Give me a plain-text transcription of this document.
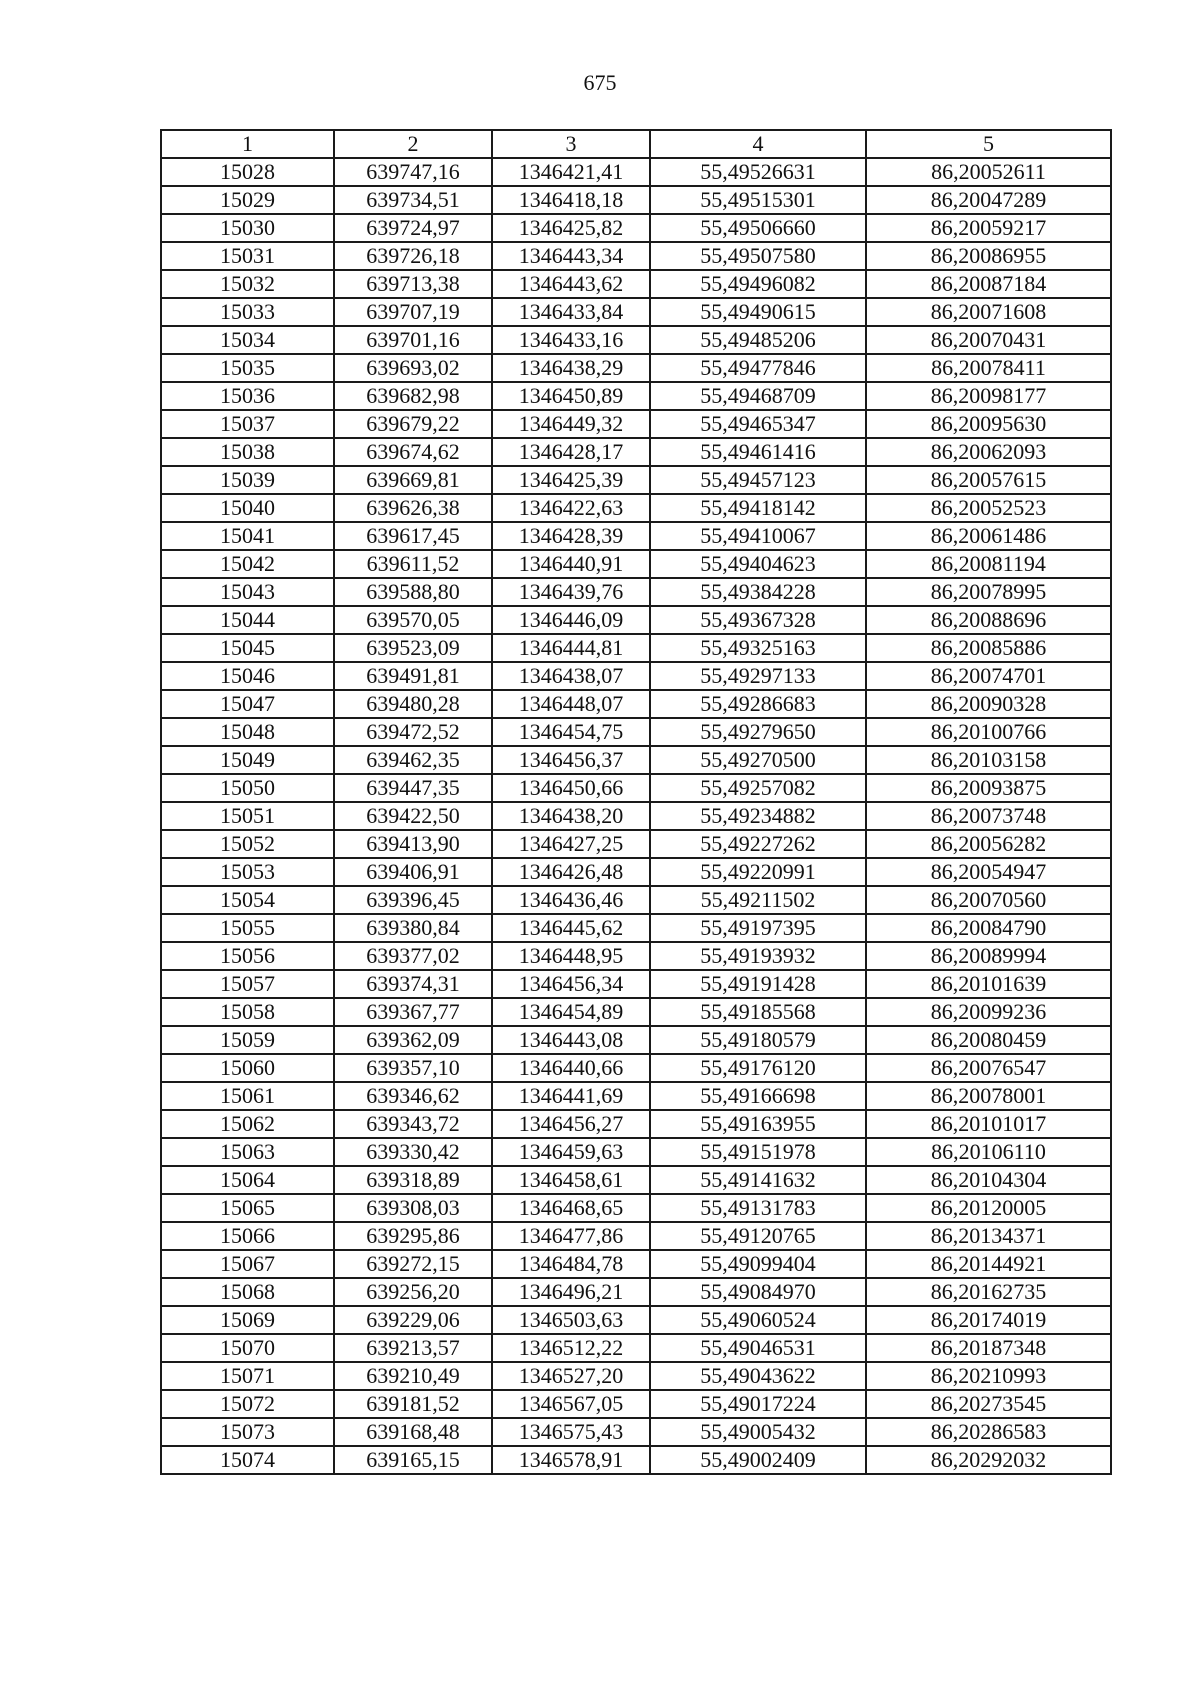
675
1	2	3	4	5
15028	639747,16	1346421,41	55,49526631	86,20052611
15029	639734,51	1346418,18	55,49515301	86,20047289
15030	639724,97	1346425,82	55,49506660	86,20059217
15031	639726,18	1346443,34	55,49507580	86,20086955
15032	639713,38	1346443,62	55,49496082	86,20087184
15033	639707,19	1346433,84	55,49490615	86,20071608
15034	639701,16	1346433,16	55,49485206	86,20070431
15035	639693,02	1346438,29	55,49477846	86,20078411
15036	639682,98	1346450,89	55,49468709	86,20098177
15037	639679,22	1346449,32	55,49465347	86,20095630
15038	639674,62	1346428,17	55,49461416	86,20062093
15039	639669,81	1346425,39	55,49457123	86,20057615
15040	639626,38	1346422,63	55,49418142	86,20052523
15041	639617,45	1346428,39	55,49410067	86,20061486
15042	639611,52	1346440,91	55,49404623	86,20081194
15043	639588,80	1346439,76	55,49384228	86,20078995
15044	639570,05	1346446,09	55,49367328	86,20088696
15045	639523,09	1346444,81	55,49325163	86,20085886
15046	639491,81	1346438,07	55,49297133	86,20074701
15047	639480,28	1346448,07	55,49286683	86,20090328
15048	639472,52	1346454,75	55,49279650	86,20100766
15049	639462,35	1346456,37	55,49270500	86,20103158
15050	639447,35	1346450,66	55,49257082	86,20093875
15051	639422,50	1346438,20	55,49234882	86,20073748
15052	639413,90	1346427,25	55,49227262	86,20056282
15053	639406,91	1346426,48	55,49220991	86,20054947
15054	639396,45	1346436,46	55,49211502	86,20070560
15055	639380,84	1346445,62	55,49197395	86,20084790
15056	639377,02	1346448,95	55,49193932	86,20089994
15057	639374,31	1346456,34	55,49191428	86,20101639
15058	639367,77	1346454,89	55,49185568	86,20099236
15059	639362,09	1346443,08	55,49180579	86,20080459
15060	639357,10	1346440,66	55,49176120	86,20076547
15061	639346,62	1346441,69	55,49166698	86,20078001
15062	639343,72	1346456,27	55,49163955	86,20101017
15063	639330,42	1346459,63	55,49151978	86,20106110
15064	639318,89	1346458,61	55,49141632	86,20104304
15065	639308,03	1346468,65	55,49131783	86,20120005
15066	639295,86	1346477,86	55,49120765	86,20134371
15067	639272,15	1346484,78	55,49099404	86,20144921
15068	639256,20	1346496,21	55,49084970	86,20162735
15069	639229,06	1346503,63	55,49060524	86,20174019
15070	639213,57	1346512,22	55,49046531	86,20187348
15071	639210,49	1346527,20	55,49043622	86,20210993
15072	639181,52	1346567,05	55,49017224	86,20273545
15073	639168,48	1346575,43	55,49005432	86,20286583
15074	639165,15	1346578,91	55,49002409	86,20292032
